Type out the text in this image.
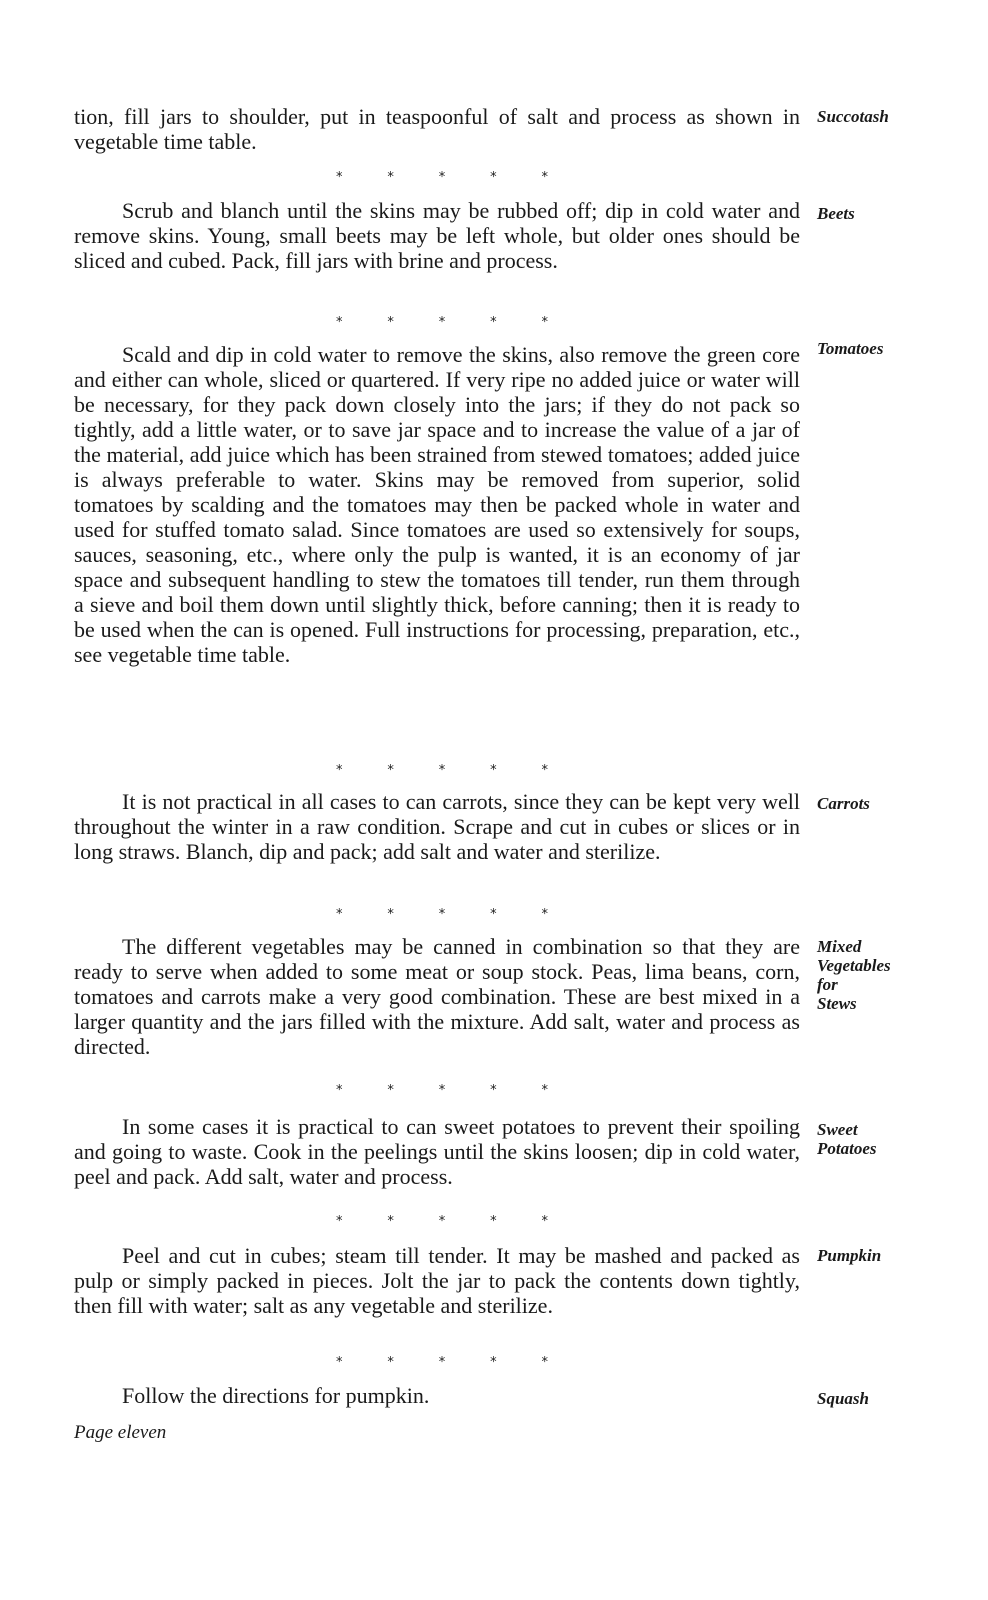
tion, fill jars to shoulder, put in teaspoonful of salt and process as shown in vegetable time table.

Succotash

*	*	*	*	*

Scrub and blanch until the skins may be rubbed off; dip in cold water and remove skins. Young, small beets may be left whole, but older ones should be sliced and cubed. Pack, fill jars with brine and process.

Beets

*	*	*	*	*

Scald and dip in cold water to remove the skins, also remove the green core and either can whole, sliced or quartered. If very ripe no added juice or water will be necessary, for they pack down closely into the jars; if they do not pack so tightly, add a little water, or to save jar space and to increase the value of a jar of the material, add juice which has been strained from stewed tomatoes; added juice is always preferable to water. Skins may be removed from superior, solid tomatoes by scalding and the tomatoes may then be packed whole in water and used for stuffed tomato salad. Since tomatoes are used so extensively for soups, sauces, seasoning, etc., where only the pulp is wanted, it is an economy of jar space and subsequent handling to stew the tomatoes till tender, run them through a sieve and boil them down until slightly thick, before canning; then it is ready to be used when the can is opened. Full instructions for processing, preparation, etc., see vegetable time table.

Tomatoes

*	*	*	*	*

It is not practical in all cases to can carrots, since they can be kept very well throughout the winter in a raw condition. Scrape and cut in cubes or slices or in long straws. Blanch, dip and pack; add salt and water and sterilize.

Carrots

*	*	*	*	*

The different vegetables may be canned in combination so that they are ready to serve when added to some meat or soup stock. Peas, lima beans, corn, tomatoes and carrots make a very good combination. These are best mixed in a larger quantity and the jars filled with the mixture. Add salt, water and process as directed.

Mixed
Vegetables
for
Stews
*	*	*	*	*

In some cases it is practical to can sweet potatoes to prevent their spoiling and going to waste. Cook in the peelings until the skins loosen; dip in cold water, peel and pack. Add salt, water and process.

Sweet
Potatoes
*	*	*	*	*

Peel and cut in cubes; steam till tender. It may be mashed and packed as pulp or simply packed in pieces. Jolt the jar to pack the contents down tightly, then fill with water; salt as any vegetable and sterilize.

Pumpkin

*	*	*	*	*

Follow the directions for pumpkin.	Squash

Page eleven
